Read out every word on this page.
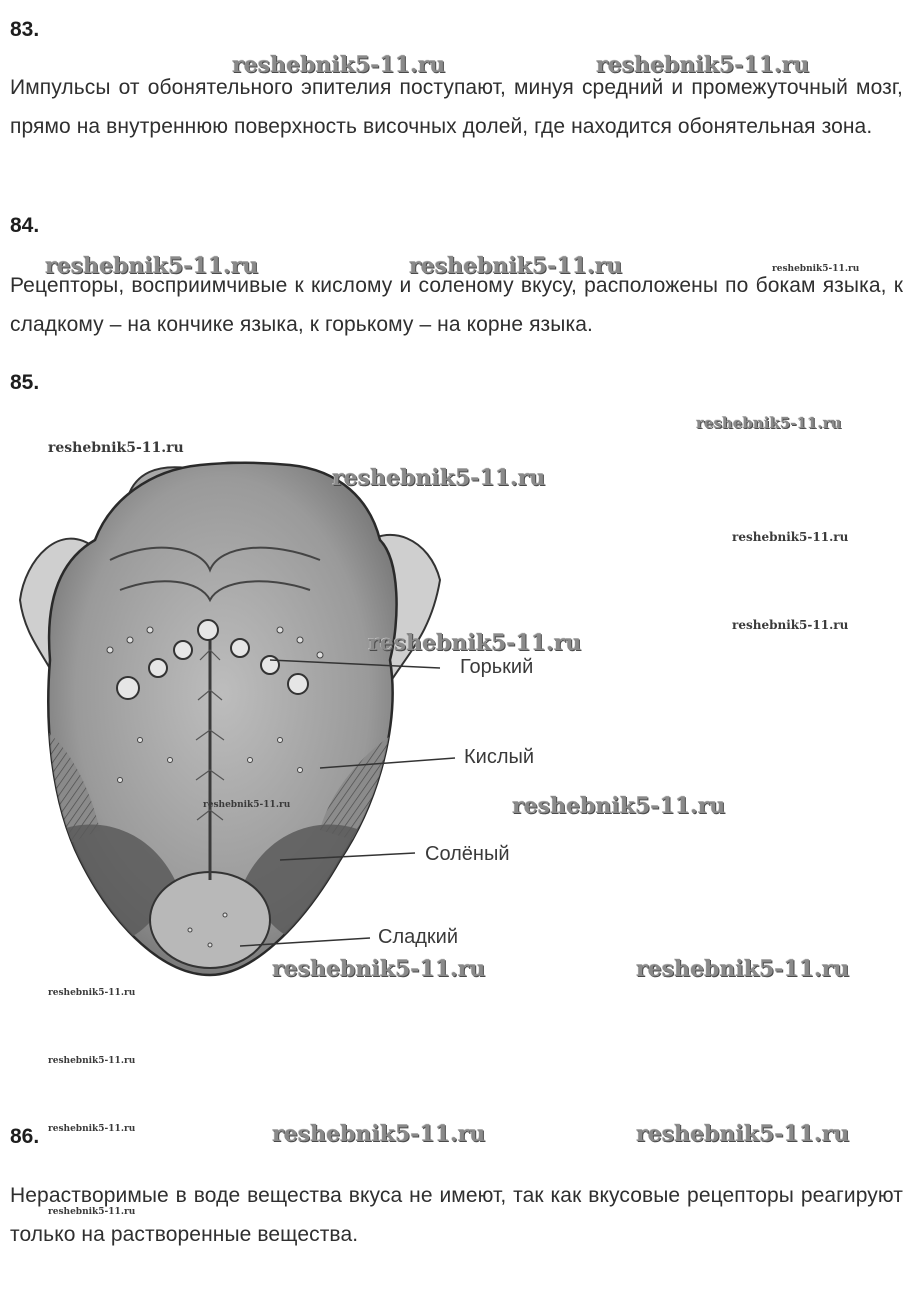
83.
reshebnik5-11.ru	reshebnik5-11.ru
Импульсы от обонятельного эпителия поступают, минуя средний и промежуточный мозг, прямо на внутреннюю поверхность височных долей, где находится обонятельная зона.
84.
reshebnik5-11.ru	reshebnik5-11.ru	reshebnik5-11.ru
Рецепторы, восприимчивые к кислому и соленому вкусу, расположены по бокам языка, к сладкому – на кончике языка, к горькому – на корне языка.
85.
Горький
Кислый
Солёный
Сладкий
reshebnik5-11.ru
reshebnik5-11.ru
reshebnik5-11.ru
reshebnik5-11.ru
reshebnik5-11.ru
reshebnik5-11.ru
reshebnik5-11.ru
reshebnik5-11.ru
reshebnik5-11.ru	reshebnik5-11.ru
reshebnik5-11.ru
reshebnik5-11.ru
86. reshebnik5-11.ru	reshebnik5-11.ru	reshebnik5-11.ru
Нерастворимые в воде вещества вкуса не имеют, так как вкусовые рецепторы реагируют только на растворенные вещества.
reshebnik5-11.ru
